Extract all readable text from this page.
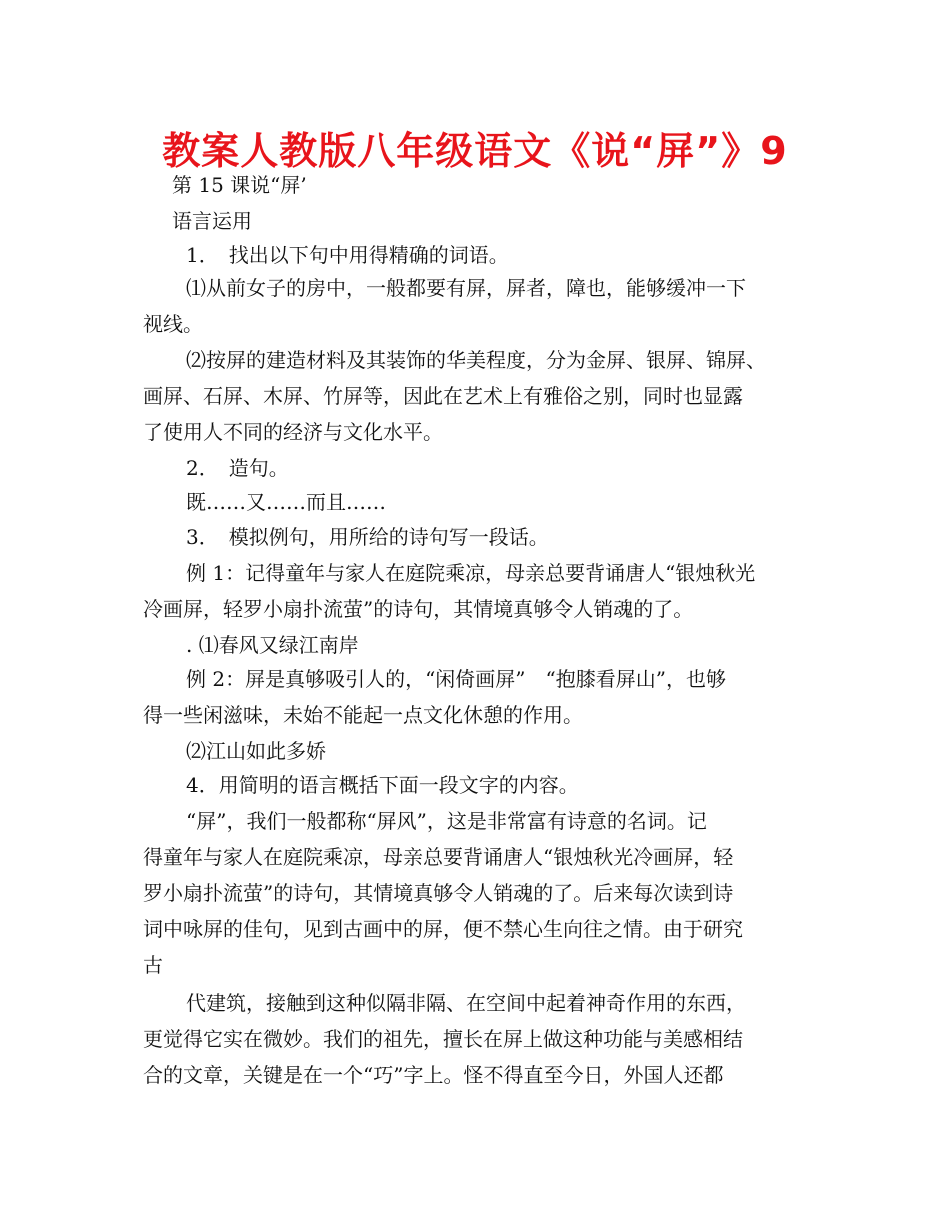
教案人教版八年级语文《说“屏”》9
第 15 课说“屏’
语言运用
1．　找出以下句中用得精确的词语。
⑴从前女子的房中，一般都要有屏，屏者，障也，能够缓冲一下
视线。
⑵按屏的建造材料及其装饰的华美程度，分为金屏、银屏、锦屏、
画屏、石屏、木屏、竹屏等，因此在艺术上有雅俗之别，同时也显露
了使用人不同的经济与文化水平。
2．　造句。
既……又……而且……
3．　模拟例句，用所给的诗句写一段话。
例 1：记得童年与家人在庭院乘凉，母亲总要背诵唐人“银烛秋光
冷画屏，轻罗小扇扑流萤”的诗句，其情境真够令人销魂的了。
. ⑴春风又绿江南岸
例 2：屏是真够吸引人的，“闲倚画屏”　“抱膝看屏山”，也够
得一些闲滋味，未始不能起一点文化休憩的作用。
⑵江山如此多娇
4．用简明的语言概括下面一段文字的内容。
“屏”，我们一般都称“屏风”，这是非常富有诗意的名词。记
得童年与家人在庭院乘凉，母亲总要背诵唐人“银烛秋光冷画屏，轻
罗小扇扑流萤”的诗句，其情境真够令人销魂的了。后来每次读到诗
词中咏屏的佳句，见到古画中的屏，便不禁心生向往之情。由于研究
古
代建筑，接触到这种似隔非隔、在空间中起着神奇作用的东西，
更觉得它实在微妙。我们的祖先，擅长在屏上做这种功能与美感相结
合的文章，关键是在一个“巧”字上。怪不得直至今日，外国人还都
